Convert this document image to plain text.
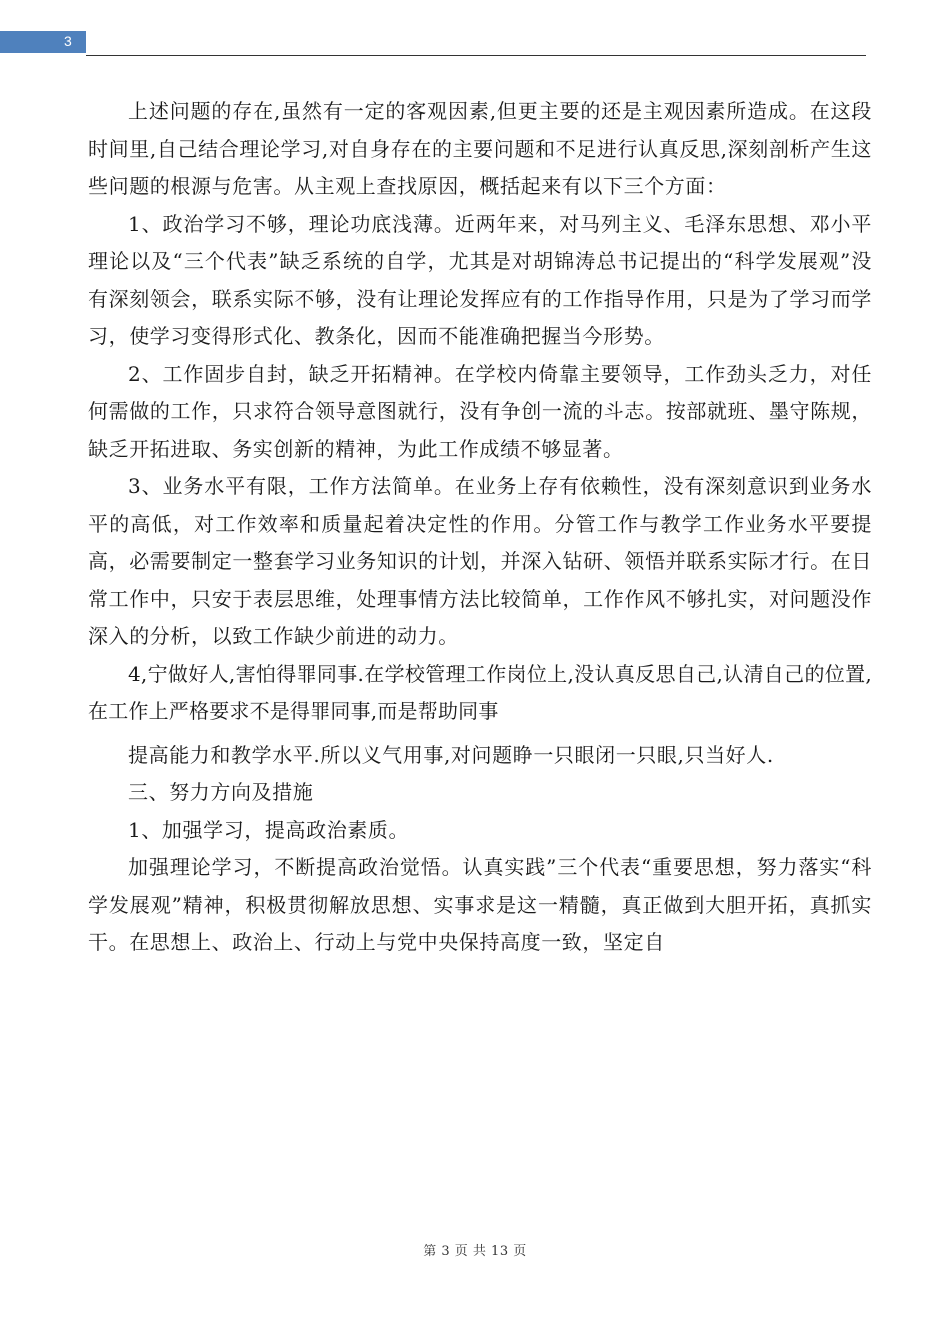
3

上述问题的存在,虽然有一定的客观因素,但更主要的还是主观因素所造成。在这段时间里,自己结合理论学习,对自身存在的主要问题和不足进行认真反思,深刻剖析产生这些问题的根源与危害。从主观上查找原因，概括起来有以下三个方面：

1、政治学习不够，理论功底浅薄。近两年来，对马列主义、毛泽东思想、邓小平理论以及“三个代表”缺乏系统的自学，尤其是对胡锦涛总书记提出的“科学发展观”没有深刻领会，联系实际不够，没有让理论发挥应有的工作指导作用，只是为了学习而学习，使学习变得形式化、教条化，因而不能准确把握当今形势。

2、工作固步自封，缺乏开拓精神。在学校内倚靠主要领导，工作劲头乏力，对任何需做的工作，只求符合领导意图就行，没有争创一流的斗志。按部就班、墨守陈规，缺乏开拓进取、务实创新的精神，为此工作成绩不够显著。

3、业务水平有限，工作方法简单。在业务上存有依赖性，没有深刻意识到业务水平的高低，对工作效率和质量起着决定性的作用。分管工作与教学工作业务水平要提高，必需要制定一整套学习业务知识的计划，并深入钻研、领悟并联系实际才行。在日常工作中，只安于表层思维，处理事情方法比较简单，工作作风不够扎实，对问题没作深入的分析，以致工作缺少前进的动力。

4,宁做好人,害怕得罪同事.在学校管理工作岗位上,没认真反思自己,认清自己的位置,在工作上严格要求不是得罪同事,而是帮助同事

提高能力和教学水平.所以义气用事,对问题睁一只眼闭一只眼,只当好人.

三、努力方向及措施

1、加强学习，提高政治素质。

加强理论学习，不断提高政治觉悟。认真实践”三个代表“重要思想，努力落实“科学发展观”精神，积极贯彻解放思想、实事求是这一精髓，真正做到大胆开拓，真抓实干。在思想上、政治上、行动上与党中央保持高度一致，坚定自

第 3 页 共 13 页
